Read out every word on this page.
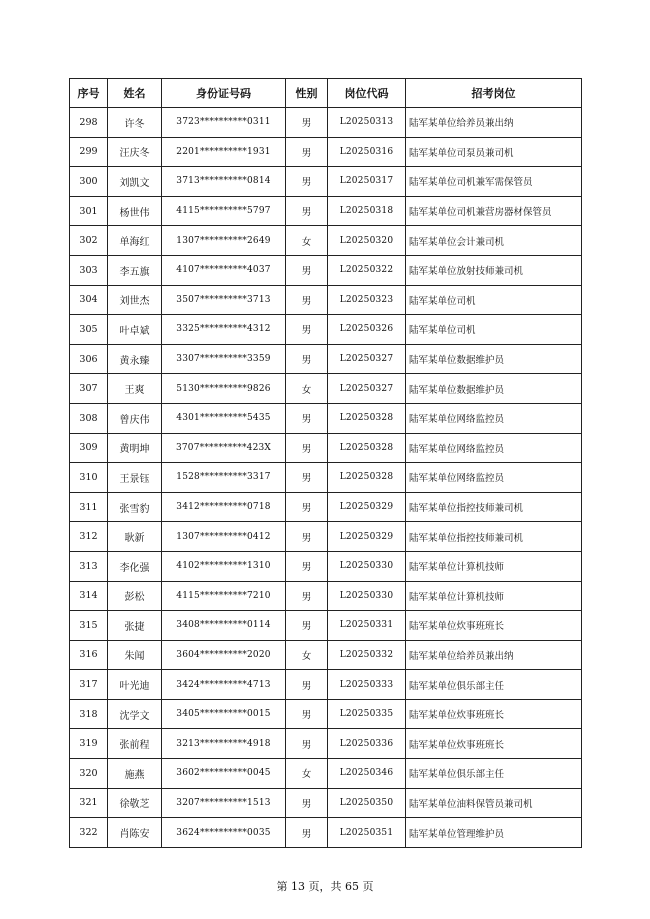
序号	姓名	身份证号码	性别	岗位代码	招考岗位
298	许冬	3723**********0311	男	L20250313	陆军某单位给养员兼出纳
299	汪庆冬	2201**********1931	男	L20250316	陆军某单位司泵员兼司机
300	刘凯文	3713**********0814	男	L20250317	陆军某单位司机兼军需保管员
301	杨世伟	4115**********5797	男	L20250318	陆军某单位司机兼营房器材保管员
302	单海红	1307**********2649	女	L20250320	陆军某单位会计兼司机
303	李五旗	4107**********4037	男	L20250322	陆军某单位放射技师兼司机
304	刘世杰	3507**********3713	男	L20250323	陆军某单位司机
305	叶卓斌	3325**********4312	男	L20250326	陆军某单位司机
306	黄永臻	3307**********3359	男	L20250327	陆军某单位数据维护员
307	王爽	5130**********9826	女	L20250327	陆军某单位数据维护员
308	曾庆伟	4301**********5435	男	L20250328	陆军某单位网络监控员
309	黄明坤	3707**********423X	男	L20250328	陆军某单位网络监控员
310	王景钰	1528**********3317	男	L20250328	陆军某单位网络监控员
311	张雪豹	3412**********0718	男	L20250329	陆军某单位指控技师兼司机
312	耿新	1307**********0412	男	L20250329	陆军某单位指控技师兼司机
313	李化强	4102**********1310	男	L20250330	陆军某单位计算机技师
314	彭松	4115**********7210	男	L20250330	陆军某单位计算机技师
315	张捷	3408**********0114	男	L20250331	陆军某单位炊事班班长
316	朱闻	3604**********2020	女	L20250332	陆军某单位给养员兼出纳
317	叶光迪	3424**********4713	男	L20250333	陆军某单位俱乐部主任
318	沈学文	3405**********0015	男	L20250335	陆军某单位炊事班班长
319	张前程	3213**********4918	男	L20250336	陆军某单位炊事班班长
320	施燕	3602**********0045	女	L20250346	陆军某单位俱乐部主任
321	徐敬芝	3207**********1513	男	L20250350	陆军某单位油料保管员兼司机
322	肖陈安	3624**********0035	男	L20250351	陆军某单位管理维护员
第 13 页，共 65 页
